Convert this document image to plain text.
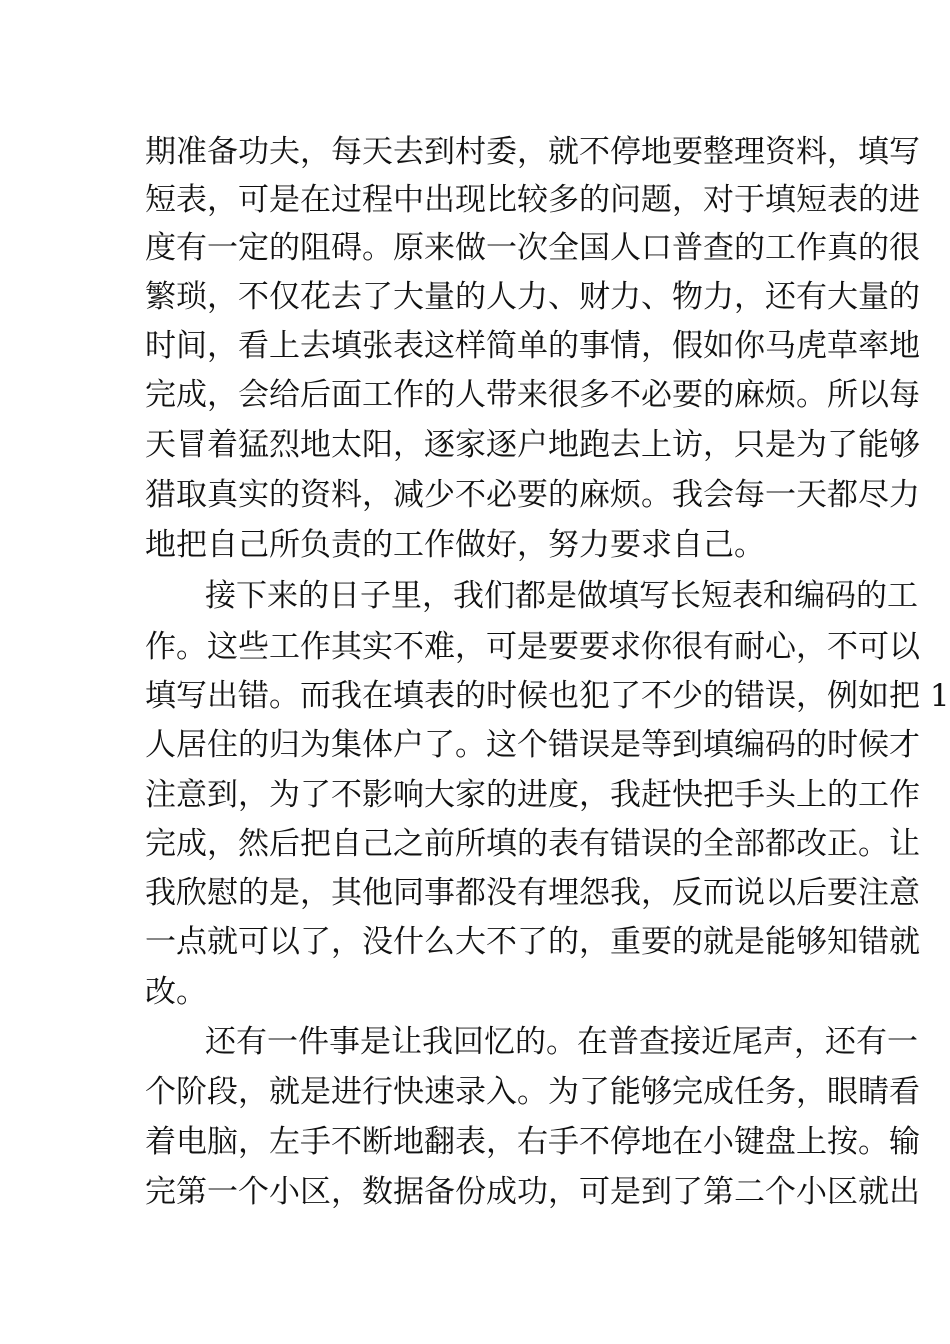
期准备功夫，每天去到村委，就不停地要整理资料，填写
短表，可是在过程中出现比较多的问题，对于填短表的进
度有一定的阻碍。原来做一次全国人口普查的工作真的很
繁琐，不仅花去了大量的人力、财力、物力，还有大量的
时间，看上去填张表这样简单的事情，假如你马虎草率地
完成，会给后面工作的人带来很多不必要的麻烦。所以每
天冒着猛烈地太阳，逐家逐户地跑去上访，只是为了能够
猎取真实的资料，减少不必要的麻烦。我会每一天都尽力
地把自己所负责的工作做好，努力要求自己。
接下来的日子里，我们都是做填写长短表和编码的工
作。这些工作其实不难，可是要要求你很有耐心，不可以
填写出错。而我在填表的时候也犯了不少的错误，例如把 1
人居住的归为集体户了。这个错误是等到填编码的时候才
注意到，为了不影响大家的进度，我赶快把手头上的工作
完成，然后把自己之前所填的表有错误的全部都改正。让
我欣慰的是，其他同事都没有埋怨我，反而说以后要注意
一点就可以了，没什么大不了的，重要的就是能够知错就
改。
还有一件事是让我回忆的。在普查接近尾声，还有一
个阶段，就是进行快速录入。为了能够完成任务，眼睛看
着电脑，左手不断地翻表，右手不停地在小键盘上按。输
完第一个小区，数据备份成功，可是到了第二个小区就出
